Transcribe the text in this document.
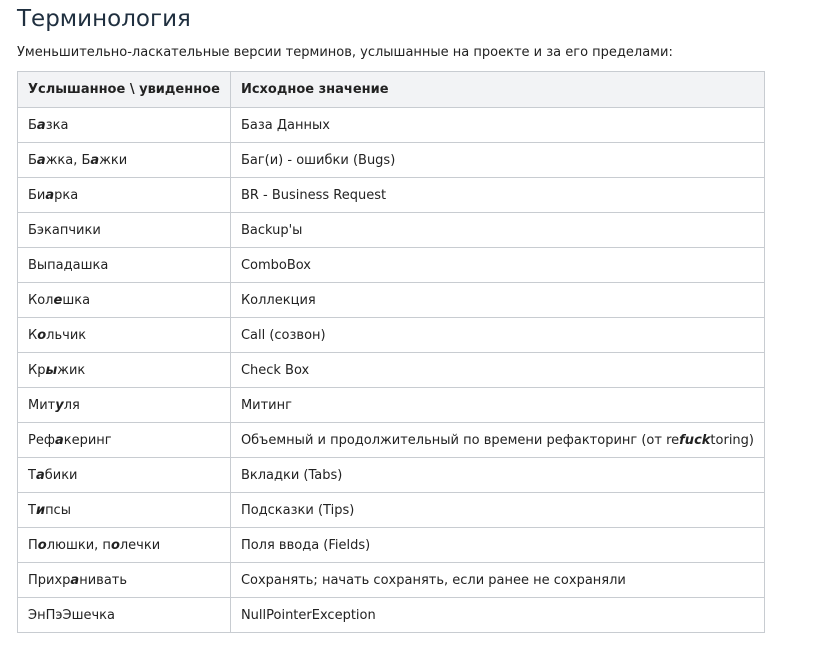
Терминология

Уменьшительно-ласкательные версии терминов, услышанные на проекте и за его пределами:

Услышанное \ увиденное	Исходное значение
Базка	База Данных
Бажка, Бажки	Баг(и) - ошибки (Bugs)
Биарка	BR - Business Request
Бэкапчики	Backup'ы
Выпадашка	ComboBox
Колешка	Коллекция
Кольчик	Call (созвон)
Крыжик	Check Box
Митуля	Митинг
Рефакеринг	Объемный и продолжительный по времени рефакторинг (от refucktoring)
Табики	Вкладки (Tabs)
Типсы	Подсказки (Tips)
Полюшки, полечки	Поля ввода (Fields)
Прихранивать	Сохранять; начать сохранять, если ранее не сохраняли
ЭнПэЭшечка	NullPointerException
